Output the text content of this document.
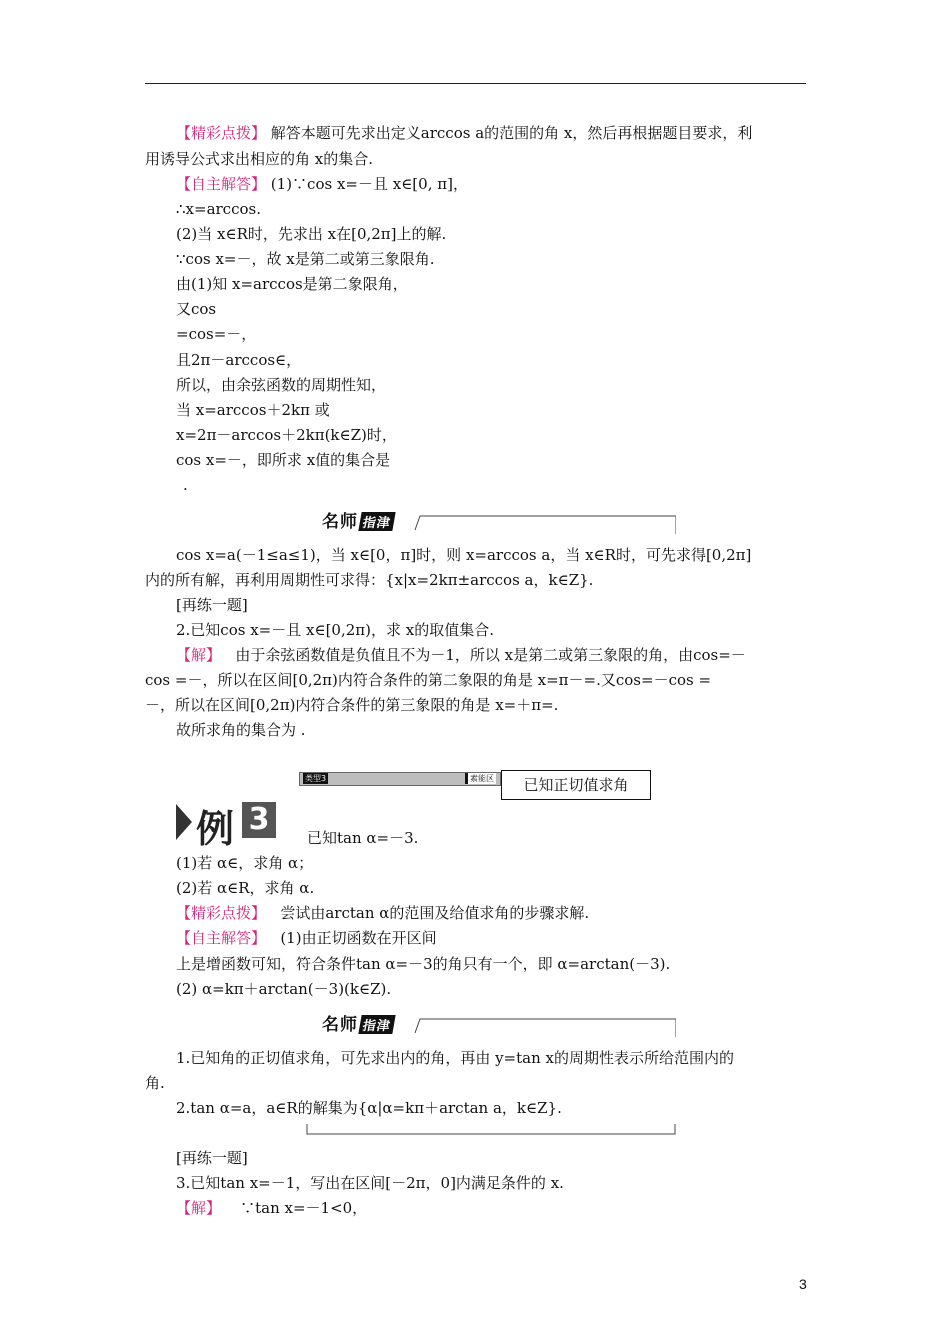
【精彩点拨】 解答本题可先求出定义arccos a的范围的角 x，然后再根据题目要求，利
用诱导公式求出相应的角 x的集合.
【自主解答】 (1)∵cos x=－且 x∈[0, π]，
∴x=arccos.
(2)当 x∈R时，先求出 x在[0,2π]上的解.
∵cos x=－，故 x是第二或第三象限角.
由(1)知 x=arccos是第二象限角，
又cos
=cos=－，
且2π－arccos∈，
所以，由余弦函数的周期性知，
当 x=arccos＋2kπ 或
x=2π－arccos＋2kπ(k∈Z)时，
cos x=－，即所求 x值的集合是
.
名师 指津
cos x=a(－1≤a≤1)，当 x∈[0，π]时，则 x=arccos a，当 x∈R时，可先求得[0,2π]
内的所有解，再利用周期性可求得：{x|x=2kπ±arccos a，k∈Z}.
[再练一题]
2.已知cos x=－且 x∈[0,2π)，求 x的取值集合.
【解】 由于余弦函数值是负值且不为－1，所以 x是第二或第三象限的角，由cos=－
cos =－，所以在区间[0,2π)内符合条件的第二象限的角是 x=π－=.又cos=－cos =
－，所以在区间[0,2π)内符合条件的第三象限的角是 x=＋π=.
故所求角的集合为 .
类型3	素能区	已知正切值求角
例 3
已知tan α=－3.
(1)若 α∈，求角 α；
(2)若 α∈R，求角 α.
【精彩点拨】 尝试由arctan α的范围及给值求角的步骤求解.
【自主解答】 (1)由正切函数在开区间
上是增函数可知，符合条件tan α=－3的角只有一个，即 α=arctan(－3).
(2) α=kπ＋arctan(－3)(k∈Z).
名师 指津
1.已知角的正切值求角，可先求出内的角，再由 y=tan x的周期性表示所给范围内的
角.
2.tan α=a，a∈R的解集为{α|α=kπ＋arctan a，k∈Z}.
[再练一题]
3.已知tan x=－1，写出在区间[－2π，0]内满足条件的 x.
【解】 ∵tan x=－1<0，
3
